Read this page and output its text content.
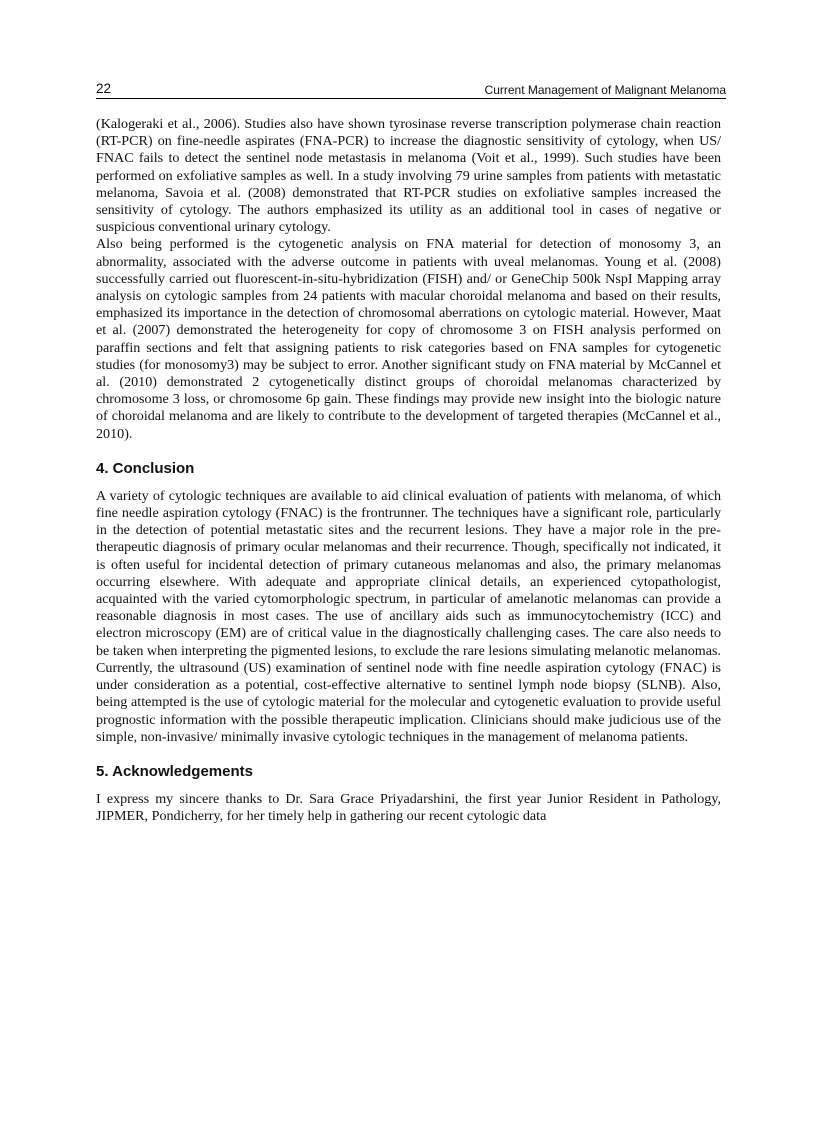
22	Current Management of Malignant Melanoma

(Kalogeraki et al., 2006). Studies also have shown tyrosinase reverse transcription polymerase chain reaction (RT-PCR) on fine-needle aspirates (FNA-PCR) to increase the diagnostic sensitivity of cytology, when US/ FNAC fails to detect the sentinel node metastasis in melanoma (Voit et al., 1999). Such studies have been performed on exfoliative samples as well. In a study involving 79 urine samples from patients with metastatic melanoma, Savoia et al. (2008) demonstrated that RT-PCR studies on exfoliative samples increased the sensitivity of cytology. The authors emphasized its utility as an additional tool in cases of negative or suspicious conventional urinary cytology.

Also being performed is the cytogenetic analysis on FNA material for detection of monosomy 3, an abnormality, associated with the adverse outcome in patients with uveal melanomas. Young et al. (2008) successfully carried out fluorescent-in-situ-hybridization (FISH) and/ or GeneChip 500k NspI Mapping array analysis on cytologic samples from 24 patients with macular choroidal melanoma and based on their results, emphasized its importance in the detection of chromosomal aberrations on cytologic material. However, Maat et al. (2007) demonstrated the heterogeneity for copy of chromosome 3 on FISH analysis performed on paraffin sections and felt that assigning patients to risk categories based on FNA samples for cytogenetic studies (for monosomy3) may be subject to error. Another significant study on FNA material by McCannel et al. (2010) demonstrated 2 cytogenetically distinct groups of choroidal melanomas characterized by chromosome 3 loss, or chromosome 6p gain. These findings may provide new insight into the biologic nature of choroidal melanoma and are likely to contribute to the development of targeted therapies (McCannel et al., 2010).

4. Conclusion

A variety of cytologic techniques are available to aid clinical evaluation of patients with melanoma, of which fine needle aspiration cytology (FNAC) is the frontrunner. The techniques have a significant role, particularly in the detection of potential metastatic sites and the recurrent lesions. They have a major role in the pre-therapeutic diagnosis of primary ocular melanomas and their recurrence. Though, specifically not indicated, it is often useful for incidental detection of primary cutaneous melanomas and also, the primary melanomas occurring elsewhere. With adequate and appropriate clinical details, an experienced cytopathologist, acquainted with the varied cytomorphologic spectrum, in particular of amelanotic melanomas can provide a reasonable diagnosis in most cases. The use of ancillary aids such as immunocytochemistry (ICC) and electron microscopy (EM) are of critical value in the diagnostically challenging cases. The care also needs to be taken when interpreting the pigmented lesions, to exclude the rare lesions simulating melanotic melanomas. Currently, the ultrasound (US) examination of sentinel node with fine needle aspiration cytology (FNAC) is under consideration as a potential, cost-effective alternative to sentinel lymph node biopsy (SLNB). Also, being attempted is the use of cytologic material for the molecular and cytogenetic evaluation to provide useful prognostic information with the possible therapeutic implication. Clinicians should make judicious use of the simple, non-invasive/ minimally invasive cytologic techniques in the management of melanoma patients.

5. Acknowledgements

I express my sincere thanks to Dr. Sara Grace Priyadarshini, the first year Junior Resident in Pathology, JIPMER, Pondicherry, for her timely help in gathering our recent cytologic data
